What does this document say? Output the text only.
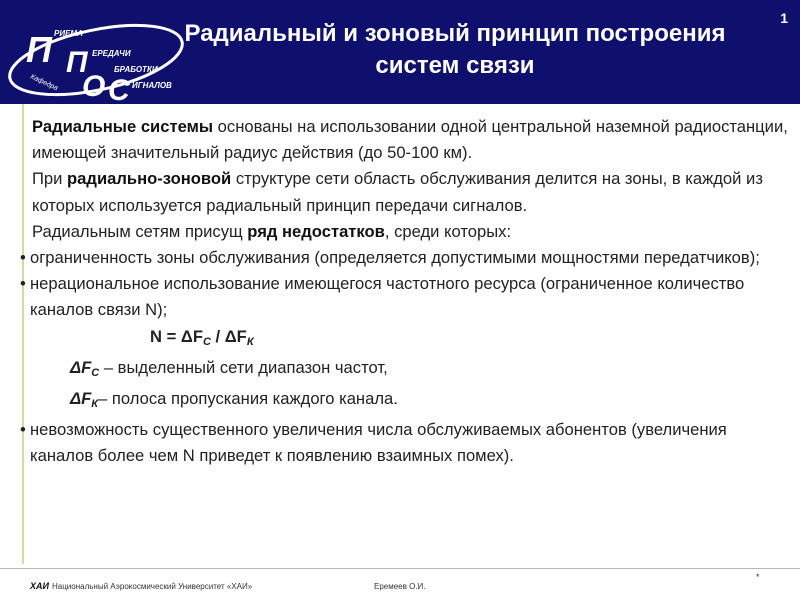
П П
О С
РИЕМА
ЕРЕДАЧИ
БРАБОТКИ
ИГНАЛОВ
Кафедра
Радиальный и зоновый принцип построения
систем связи
1

Радиальные системы основаны на использовании одной центральной наземной радиостанции, имеющей значительный радиус действия (до 50-100 км).

При радиально-зоновой структуре сети область обслуживания делится на зоны, в каждой из которых используется радиальный принцип передачи сигналов.

Радиальным сетям присущ ряд недостатков, среди которых:

• ограниченность зоны обслуживания (определяется допустимыми мощностями передатчиков);

• нерациональное использование имеющегося частотного ресурса (ограниченное количество каналов связи N);

$N = \Delta F_C / \Delta F_К$

$\Delta F_C$ – выделенный сети диапазон частот,

$\Delta F_К-$ полоса пропускания каждого канала.

• невозможность существенного увеличения числа обслуживаемых абонентов (увеличения каналов более чем N приведет к появлению взаимных помех).

ХАИ Национальный Аэрокосмический Университет «ХАИ»	Еремеев О.И.
*
